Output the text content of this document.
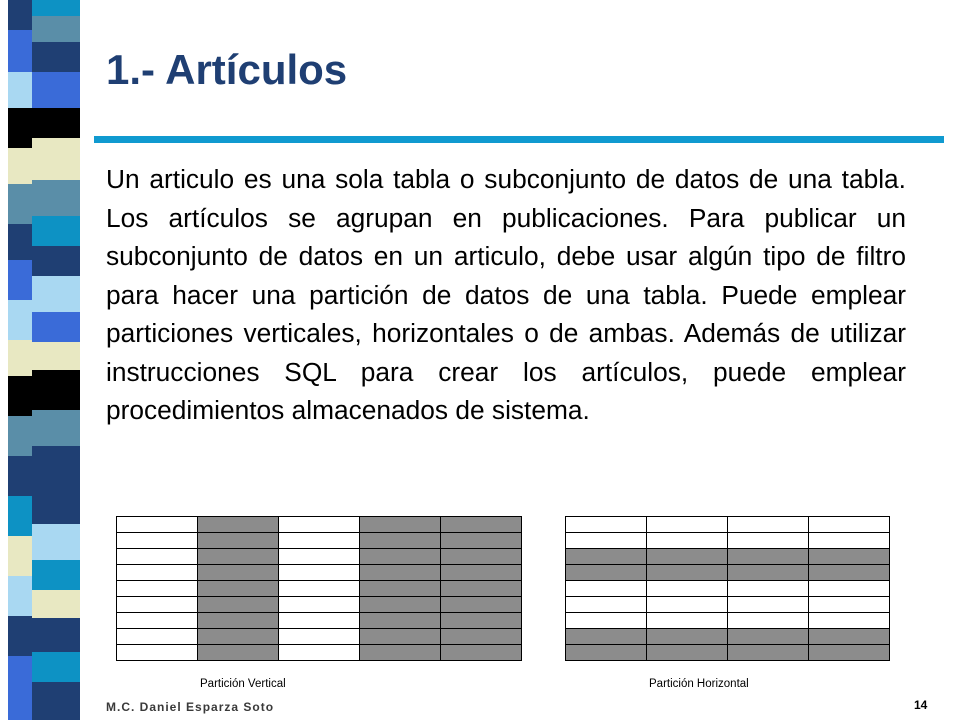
1.- Artículos

Un articulo es una sola tabla o subconjunto de datos de una tabla. Los artículos se agrupan en publicaciones. Para publicar un subconjunto de datos en un articulo, debe usar algún tipo de filtro para hacer una partición de datos de una tabla. Puede emplear particiones verticales, horizontales o de ambas. Además de utilizar instrucciones SQL para crear los artículos, puede emplear procedimientos almacenados de sistema.

Partición Vertical

				Partición Horizontal
M.C. Daniel Esparza Soto	14
